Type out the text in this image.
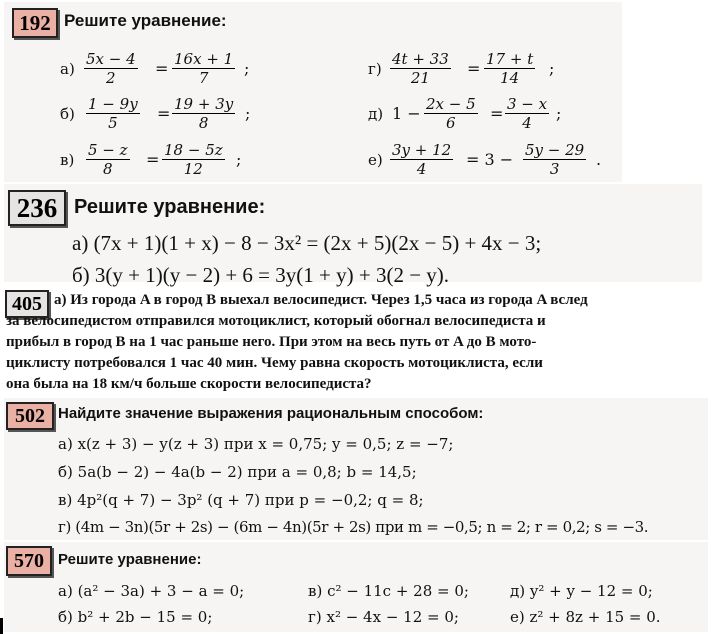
192 Решите уравнение:
$а) \frac{5x - 4}{2} = \frac{16x + 1}{7}$ ;
$б) \frac{1 - 9y}{5} = \frac{19 + 3y}{8}$ ;
$в) \frac{5 - z}{8} = \frac{18 - 5z}{12}$ ;
$г) \frac{4t + 33}{21} = \frac{17 + t}{14}$ ;
д) $1 - \frac{2x - 5}{6} = \frac{3 - x}{4}$ ;
$е) \frac{3y + 12}{4} = 3 - \frac{5y - 29}{3}$ .
236 Решите уравнение:
а) (7x + 1)(1 + x) − 8 − 3x² = (2x + 5)(2x − 5) + 4x − 3;
б) 3(y + 1)(y − 2) + 6 = 3y(1 + y) + 3(2 − y).
405 а) Из города A в город B выехал велосипедист. Через 1,5 часа из города A вслед
за велосипедистом отправился мотоциклист, который обогнал велосипедиста и
прибыл в город B на 1 час раньше него. При этом на весь путь от A до B мото-
циклисту потребовался 1 час 40 мин. Чему равна скорость мотоциклиста, если
она была на 18 км/ч больше скорости велосипедиста?
502 Найдите значение выражения рациональным способом:
а) x(z + 3) − y(z + 3) при x = 0,75; y = 0,5; z = −7;
б) 5a(b − 2) − 4a(b − 2) при a = 0,8; b = 14,5;
в) 4p²(q + 7) − 3p² (q + 7) при p = −0,2; q = 8;
г) (4m − 3n)(5r + 2s) − (6m − 4n)(5r + 2s) при m = −0,5; n = 2; r = 0,2; s = −3.
570 Решите уравнение:
а) (a² − 3a) + 3 − a = 0;	в) c² − 11c + 28 = 0;	д) y² + y − 12 = 0;
б) b² + 2b − 15 = 0;	г) x² − 4x − 12 = 0;	е) z² + 8z + 15 = 0.
